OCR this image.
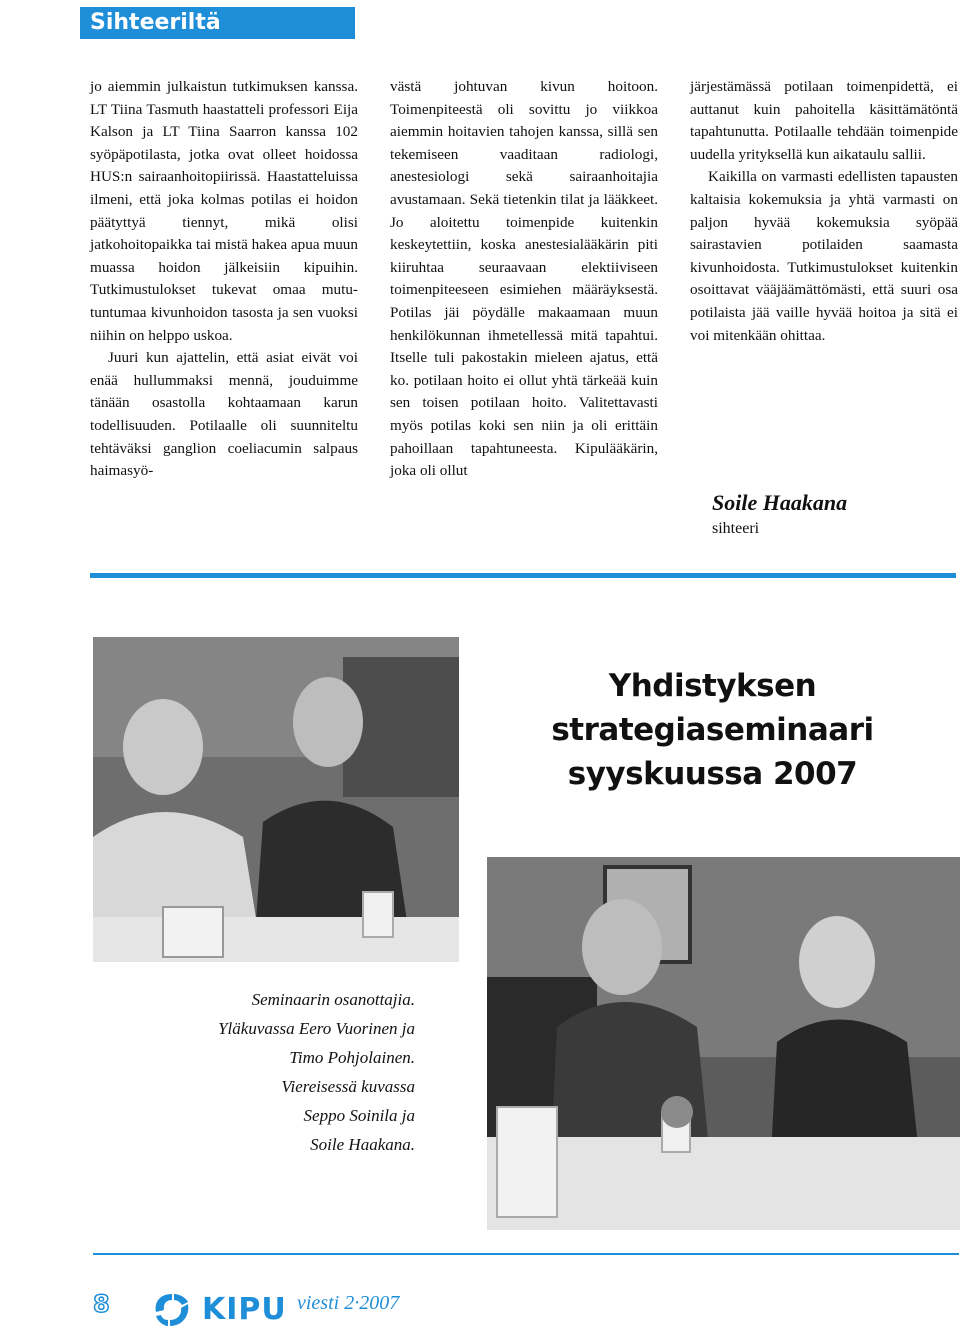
Sihteeriltä

jo aiemmin julkaistun tutkimuksen kanssa. LT Tiina Tasmuth haastatteli professori Eija Kalson ja LT Tiina Saarron kanssa 102 syöpäpotilasta, jotka ovat olleet hoidossa HUS:n sairaanhoitopiirissä. Haastatteluissa ilmeni, että joka kolmas potilas ei hoidon päätyttyä tiennyt, mikä olisi jatkohoitopaikka tai mistä hakea apua muun muassa hoidon jälkeisiin kipuihin. Tutkimustulokset tukevat omaa mutu-tuntumaa kivunhoidon tasosta ja sen vuoksi niihin on helppo uskoa.

Juuri kun ajattelin, että asiat eivät voi enää hullummaksi mennä, jouduimme tänään osastolla kohtaamaan karun todellisuuden. Potilaalle oli suunniteltu tehtäväksi ganglion coeliacumin salpaus haimasyö-

västä johtuvan kivun hoitoon. Toimenpiteestä oli sovittu jo viikkoa aiemmin hoitavien tahojen kanssa, sillä sen tekemiseen vaaditaan radiologi, anestesiologi sekä sairaanhoitajia avustamaan. Sekä tietenkin tilat ja lääkkeet. Jo aloitettu toimenpide kuitenkin keskeytettiin, koska anestesialääkärin piti kiiruhtaa seuraavaan elektiiviseen toimenpiteeseen esimiehen määräyksestä. Potilas jäi pöydälle makaamaan muun henkilökunnan ihmetellessä mitä tapahtui. Itselle tuli pakostakin mieleen ajatus, että ko. potilaan hoito ei ollut yhtä tärkeää kuin sen toisen potilaan hoito. Valitettavasti myös potilas koki sen niin ja oli erittäin pahoillaan tapahtuneesta. Kipulääkärin, joka oli ollut

järjestämässä potilaan toimenpidettä, ei auttanut kuin pahoitella käsittämätöntä tapahtunutta. Potilaalle tehdään toimenpide uudella yrityksellä kun aikataulu sallii.

Kaikilla on varmasti edellisten tapausten kaltaisia kokemuksia ja yhtä varmasti on paljon hyvää kokemuksia syöpää sairastavien potilaiden saamasta kivunhoidosta. Tutkimustulokset kuitenkin osoittavat vääjäämättömästi, että suuri osa potilaista jää vaille hyvää hoitoa ja sitä ei voi mitenkään ohittaa.

Soile Haakana
sihteeri
Yhdistyksen strategiaseminaari
syyskuussa 2007
Seminaarin osanottajia.
Yläkuvassa Eero Vuorinen ja
Timo Pohjolainen.
Viereisessä kuvassa
Seppo Soinila ja
Soile Haakana.
8	KIPU viesti 2·2007
